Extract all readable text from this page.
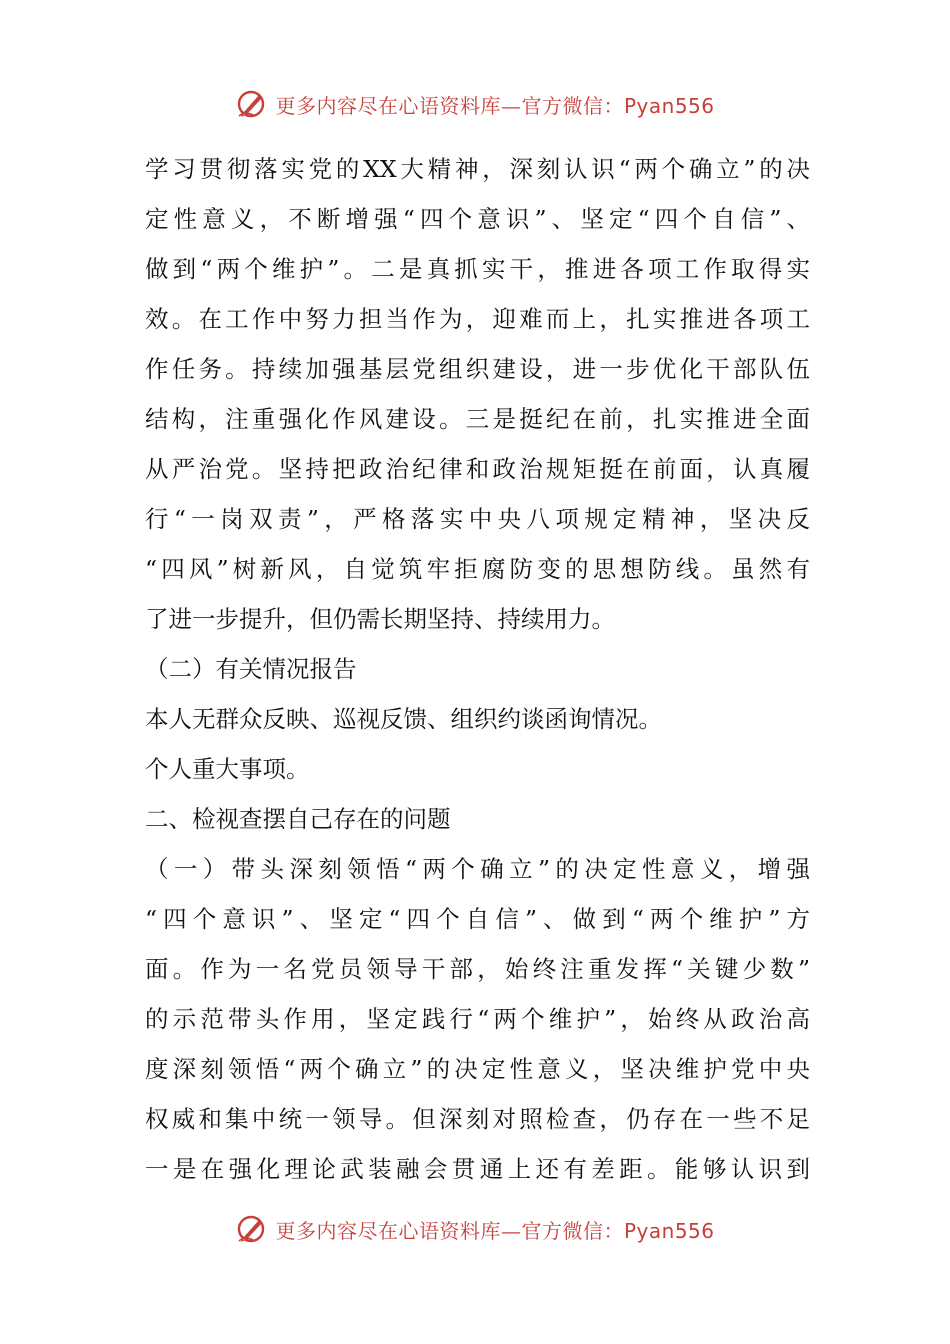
更多内容尽在心语资料库—官方微信：Pyan556
学习贯彻落实党的XX大精神，深刻认识“两个确立”的决
定性意义，不断增强“四个意识”、坚定“四个自信”、
做到“两个维护”。二是真抓实干，推进各项工作取得实
效。在工作中努力担当作为，迎难而上，扎实推进各项工
作任务。持续加强基层党组织建设，进一步优化干部队伍
结构，注重强化作风建设。三是挺纪在前，扎实推进全面
从严治党。坚持把政治纪律和政治规矩挺在前面，认真履
行“一岗双责”，严格落实中央八项规定精神，坚决反
“四风”树新风，自觉筑牢拒腐防变的思想防线。虽然有
了进一步提升，但仍需长期坚持、持续用力。
（二）有关情况报告
本人无群众反映、巡视反馈、组织约谈函询情况。
个人重大事项。
二、检视查摆自己存在的问题
（一）带头深刻领悟“两个确立”的决定性意义，增强
“四个意识”、坚定“四个自信”、做到“两个维护”方
面。作为一名党员领导干部，始终注重发挥“关键少数”
的示范带头作用，坚定践行“两个维护”，始终从政治高
度深刻领悟“两个确立”的决定性意义，坚决维护党中央
权威和集中统一领导。但深刻对照检查，仍存在一些不足
一是在强化理论武装融会贯通上还有差距。能够认识到
更多内容尽在心语资料库—官方微信：Pyan556
